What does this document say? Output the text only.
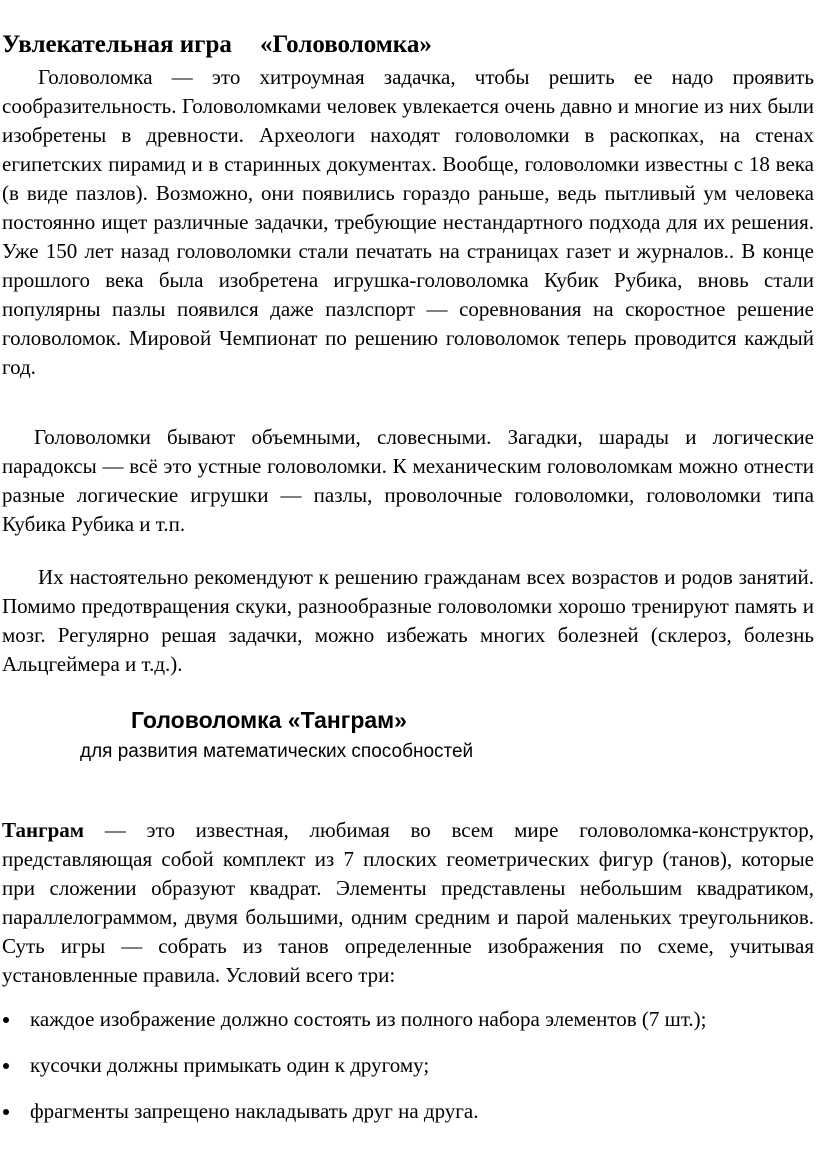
Увлекательная игра «Головоломка»

Головоломка — это хитроумная задачка, чтобы решить ее надо проявить сообразительность. Головоломками человек увлекается очень давно и многие из них были изобретены в древности. Археологи находят головоломки в раскопках, на стенах египетских пирамид и в старинных документах. Вообще, головоломки известны с 18 века (в виде пазлов). Возможно, они появились гораздо раньше, ведь пытливый ум человека постоянно ищет различные задачки, требующие нестандартного подхода для их решения. Уже 150 лет назад головоломки стали печатать на страницах газет и журналов.. В конце прошлого века была изобретена игрушка-головоломка Кубик Рубика, вновь стали популярны пазлы появился даже пазлспорт — соревнования на скоростное решение головоломок. Мировой Чемпионат по решению головоломок теперь проводится каждый год.

Головоломки бывают объемными, словесными. Загадки, шарады и логические парадоксы — всё это устные головоломки. К механическим головоломкам можно отнести разные логические игрушки — пазлы, проволочные головоломки, головоломки типа Кубика Рубика и т.п.

Их настоятельно рекомендуют к решению гражданам всех возрастов и родов занятий. Помимо предотвращения скуки, разнообразные головоломки хорошо тренируют память и мозг. Регулярно решая задачки, можно избежать многих болезней (склероз, болезнь Альцгеймера и т.д.).

Головоломка «Танграм»
для развития математических способностей

Танграм — это известная, любимая во всем мире головоломка-конструктор, представляющая собой комплект из 7 плоских геометрических фигур (танов), которые при сложении образуют квадрат. Элементы представлены небольшим квадратиком, параллелограммом, двумя большими, одним средним и парой маленьких треугольников. Суть игры — собрать из танов определенные изображения по схеме, учитывая установленные правила. Условий всего три:

каждое изображение должно состоять из полного набора элементов (7 шт.);
кусочки должны примыкать один к другому;
фрагменты запрещено накладывать друг на друга.
